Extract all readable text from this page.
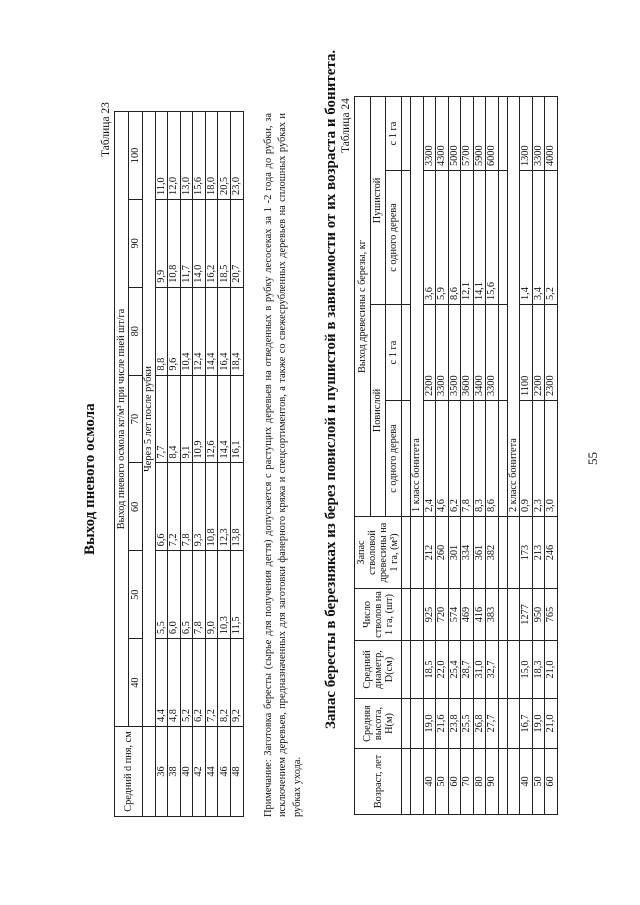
Выход пневого осмола
Таблица 23
Средний d пня, см	Выход пневого осмола кг/м³ при числе пней шт/га						
	40	50	60	70	80	90	100
	Через 5 лет после рубки						
36	4,4	5,5	6,6	7,7	8,8	9,9	11,0
38	4,8	6,0	7,2	8,4	9,6	10,8	12,0
40	5,2	6,5	7,8	9,1	10,4	11,7	13,0
42	6,2	7,8	9,3	10,9	12,4	14,0	15,6
44	7,2	9,0	10,8	12,6	14,4	16,2	18,0
46	8,2	10,3	12,3	14,4	16,4	18,5	20,5
48	9,2	11,5	13,8	16,1	18,4	20,7	23,0 Примечание: Заготовка бересты (сырье для получения дегтя) допускается с растущих деревьев на отведенных в рубку лесосеках за 1 -2 года до рубки, за исключением деревьев, предназначенных для заготовки фанерного кряжа и спецсортиментов, а также со свежесрубленных деревьев на сплошных рубках и рубках ухода.
Запас бересты в березняках из берез повислой и пушистой в зависимости от их возраста и бонитета. Таблица 24
Возраст, лет	Средняя высота, Н(м)	Средний диаметр, D(см)	Число стволов на 1 га, (шт)	Запас стволовой древесины на 1 га, (м³)	Выход древесины с березы, кг			
					Повислой		Пушистой	
					с одного дерева	с 1 га	с одного дерева	с 1 га

					1 класс бонитета			
40	19,0	18,5	925	212	2,4	2200	3,6	3300
50	21,6	22,0	720	260	4,6	3300	5,9	4300
60	23,8	25,4	574	301	6,2	3500	8,6	5000
70	25,5	28,7	469	334	7,8	3600	12,1	5700
80	26,8	31,0	416	361	8,3	3400	14,1	5900
90	27,7	32,7	383	382	8,6	3300	15,6	6000

					2 класс бонитета			
40	16,7	15,0	1277	173	0,9	1100	1,4	1300
50	19,0	18,3	950	213	2,3	2200	3,4	3300
60	21,0	21,0	765	246	3,0	2300	5,2	4000
55
